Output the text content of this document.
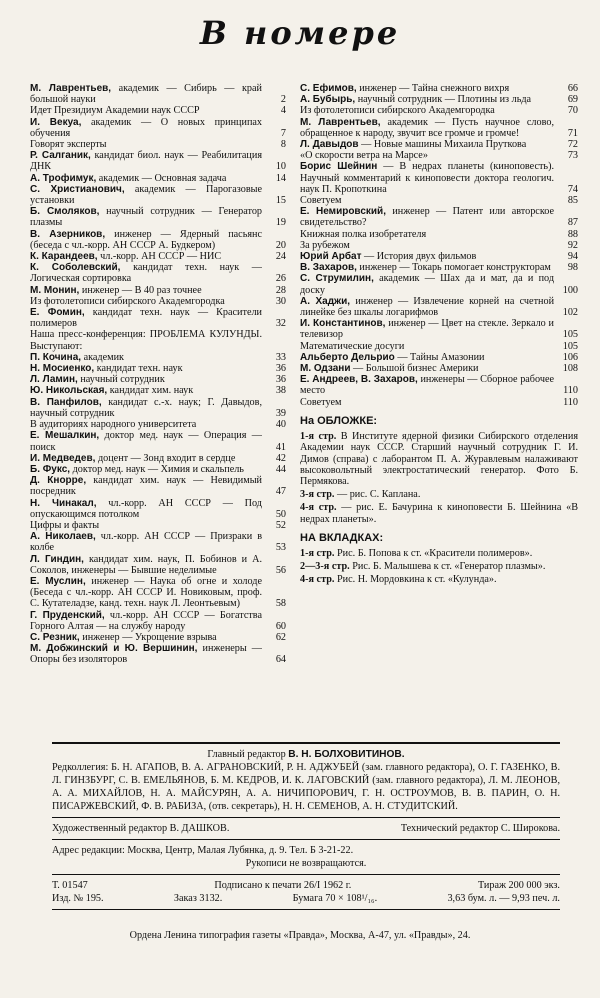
В номере
М. Лаврентьев, академик — Сибирь — край большой науки	2
Идет Президиум Академии наук СССР	4
И. Векуа, академик — О новых принципах обучения	7
Говорят эксперты	8
Р. Салганик, кандидат биол. наук — Реабилитация ДНК	10
А. Трофимук, академик — Основная задача	14
С. Христианович, академик — Парогазовые установки	15
Б. Смоляков, научный сотрудник — Генератор плазмы	19
В. Азерников, инженер — Ядерный пасьянс (беседа с чл.-корр. АН СССР А. Будкером)	20
К. Карандеев, чл.-корр. АН СССР — НИС	24
К. Соболевский, кандидат техн. наук — Логическая сортировка	26
М. Монин, инженер — В 40 раз точнее	28
Из фотолетописи сибирского Академгородка	30
Е. Фомин, кандидат техн. наук — Красители полимеров	32
Наша пресс-конференция: ПРОБЛЕМА КУЛУНДЫ. Выступают:
П. Кочина, академик	33
Н. Мосиенко, кандидат техн. наук	36
Л. Ламин, научный сотрудник	36
Ю. Никольская, кандидат хим. наук	38
В. Панфилов, кандидат с.-х. наук; Г. Давыдов, научный сотрудник	39
В аудиториях народного университета	40
Е. Мешалкин, доктор мед. наук — Операция — поиск	41
И. Медведев, доцент — Зонд входит в сердце	42
Б. Фукс, доктор мед. наук — Химия и скальпель	44
Д. Кнорре, кандидат хим. наук — Невидимый посредник	47
Н. Чинакал, чл.-корр. АН СССР — Под опускающимся потолком	50
Цифры и факты	52
А. Николаев, чл.-корр. АН СССР — Призраки в колбе	53
Л. Гиндин, кандидат хим. наук, П. Бобинов и А. Соколов, инженеры — Бывшие неделимые	56
Е. Муслин, инженер — Наука об огне и холоде (Беседа с чл.-корр. АН СССР И. Новиковым, проф. С. Кутателадзе, канд. техн. наук Л. Леонтьевым)	58
Г. Пруденский, чл.-корр. АН СССР — Богатства Горного Алтая — на службу народу	60
С. Резник, инженер — Укрощение взрыва	62
М. Добжинский и Ю. Вершинин, инженеры — Опоры без изоляторов	64
С. Ефимов, инженер — Тайна снежного вихря	66
А. Бубырь, научный сотрудник — Плотины из льда	69
Из фотолетописи сибирского Академгородка	70
М. Лаврентьев, академик — Пусть научное слово, обращенное к народу, звучит все громче и громче!	71
Л. Давыдов — Новые машины Михаила Пруткова	72
«О скорости ветра на Марсе»	73
Борис Шейнин — В недрах планеты (киноповесть). Научный комментарий к киноповести доктора геологич. наук П. Кропоткина	74
Советуем	85
Е. Немировский, инженер — Патент или авторское свидетельство?	87
Книжная полка изобретателя	88
За рубежом	92
Юрий Арбат — История двух фильмов	94
В. Захаров, инженер — Токарь помогает конструкторам	98
С. Струмилин, академик — Шах да и мат, да и под доску	100
А. Хаджи, инженер — Извлечение корней на счетной линейке без шкалы логарифмов	102
И. Константинов, инженер — Цвет на стекле. Зеркало и телевизор	105
Математические досуги	105
Альберто Дельрио — Тайны Амазонии	106
М. Одзани — Большой бизнес Америки	108
Е. Андреев, В. Захаров, инженеры — Сборное рабочее место	110
Советуем	110
На ОБЛОЖКЕ:
1-я стр. В Институте ядерной физики Сибирского отделения Академии наук СССР. Старший научный сотрудник Г. И. Димов (справа) с лаборантом П. А. Журавлевым налаживают высоковольтный электростатический генератор. Фото Б. Пермякова.
3-я стр. — рис. С. Каплана.
4-я стр. — рис. Е. Бачурина к киноповести Б. Шейнина «В недрах планеты».
НА ВКЛАДКАХ:
1-я стр. Рис. Б. Попова к ст. «Красители полимеров».
2—3-я стр. Рис. Б. Малышева к ст. «Генератор плазмы».
4-я стр. Рис. Н. Мордовкина к ст. «Кулунда».
Главный редактор В. Н. БОЛХОВИТИНОВ.
Редколлегия: Б. Н. АГАПОВ, В. А. АГРАНОВСКИЙ, Р. Н. АДЖУБЕЙ (зам. главного редактора), О. Г. ГАЗЕНКО, В. Л. ГИНЗБУРГ, С. В. ЕМЕЛЬЯНОВ, Б. М. КЕДРОВ, И. К. ЛАГОВСКИЙ (зам. главного редактора), Л. М. ЛЕОНОВ, А. А. МИХАЙЛОВ, Н. А. МАЙСУРЯН, А. А. НИЧИПОРОВИЧ, Г. Н. ОСТРОУМОВ, В. В. ПАРИН, О. Н. ПИСАРЖЕВСКИЙ, Ф. В. РАБИЗА, (отв. секретарь), Н. Н. СЕМЕНОВ, А. Н. СТУДИТСКИЙ.
Художественный редактор В. ДАШКОВ.	Технический редактор С. Широкова.
Адрес редакции: Москва, Центр, Малая Лубянка, д. 9. Тел. Б 3-21-22.
Рукописи не возвращаются.
Т. 01547	Подписано к печати 26/I 1962 г.	Тираж 200 000 экз.
Изд. № 195.	Заказ 3132.	Бумага 70 × 108¹/₁₆.	3,63 бум. л. — 9,93 печ. л.
Ордена Ленина типография газеты «Правда», Москва, А-47, ул. «Правды», 24.
